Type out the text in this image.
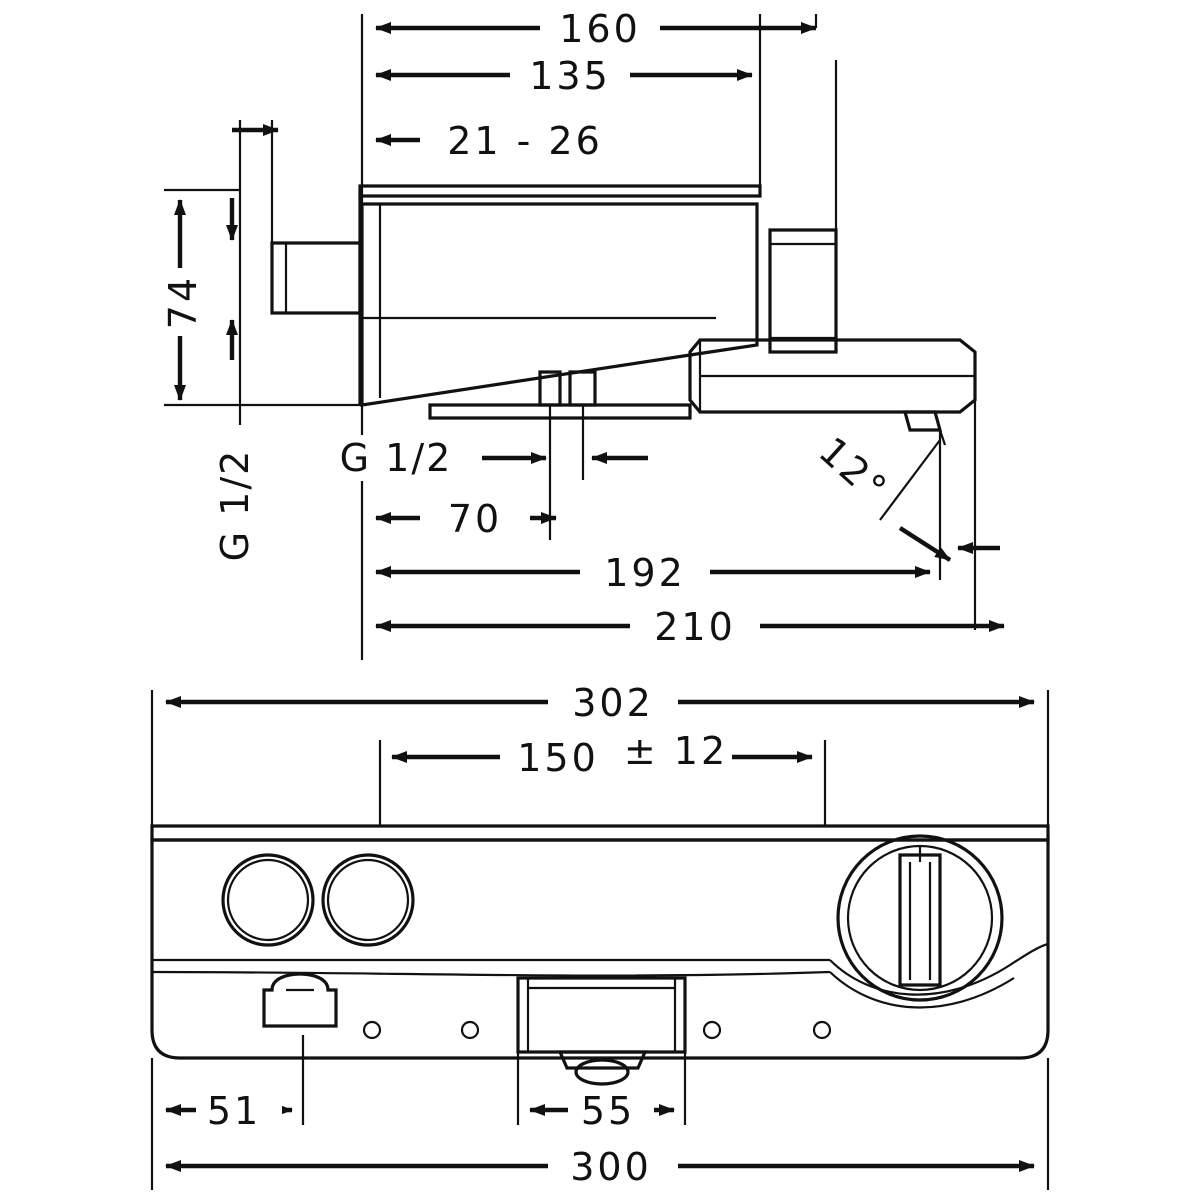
160
135
21 - 26
74
G 1/2 G 1/2
70
192
210
12°
302
150 ± 12
51	55
300
